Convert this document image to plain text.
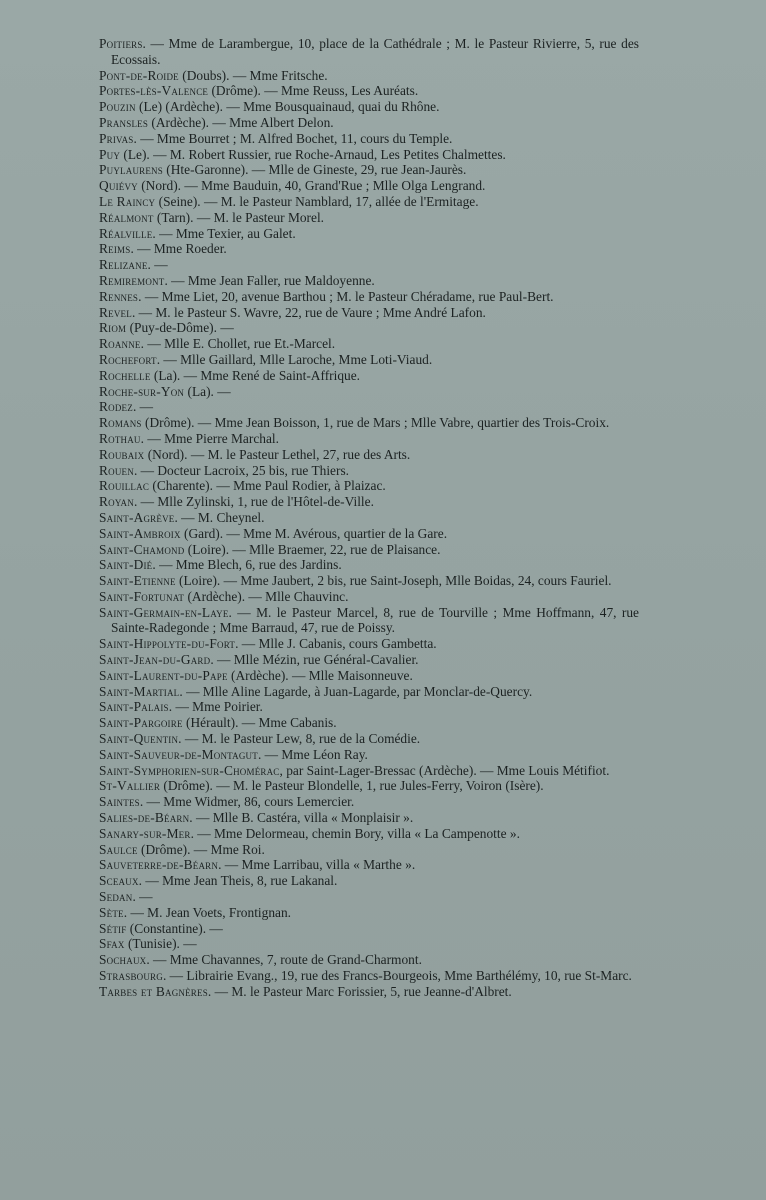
Poitiers. — Mme de Larambergue, 10, place de la Cathédrale ; M. le Pasteur Rivierre, 5, rue des Ecossais.
Pont-de-Roide (Doubs). — Mme Fritsche.
Portes-lès-Valence (Drôme). — Mme Reuss, Les Auréats.
Pouzin (Le) (Ardèche). — Mme Bousquainaud, quai du Rhône.
Pransles (Ardèche). — Mme Albert Delon.
Privas. — Mme Bourret ; M. Alfred Bochet, 11, cours du Temple.
Puy (Le). — M. Robert Russier, rue Roche-Arnaud, Les Petites Chalmettes.
Puylaurens (Hte-Garonne). — Mlle de Gineste, 29, rue Jean-Jaurès.
Quiévy (Nord). — Mme Bauduin, 40, Grand'Rue ; Mlle Olga Lengrand.
Le Raincy (Seine). — M. le Pasteur Namblard, 17, allée de l'Ermitage.
Réalmont (Tarn). — M. le Pasteur Morel.
Réalville. — Mme Texier, au Galet.
Reims. — Mme Roeder.
Relizane. —
Remiremont. — Mme Jean Faller, rue Maldoyenne.
Rennes. — Mme Liet, 20, avenue Barthou ; M. le Pasteur Chéradame, rue Paul-Bert.
Revel. — M. le Pasteur S. Wavre, 22, rue de Vaure ; Mme André Lafon.
Riom (Puy-de-Dôme). —
Roanne. — Mlle E. Chollet, rue Et.-Marcel.
Rochefort. — Mlle Gaillard, Mlle Laroche, Mme Loti-Viaud.
Rochelle (La). — Mme René de Saint-Affrique.
Roche-sur-Yon (La). —
Rodez. —
Romans (Drôme). — Mme Jean Boisson, 1, rue de Mars ; Mlle Vabre, quartier des Trois-Croix.
Rothau. — Mme Pierre Marchal.
Roubaix (Nord). — M. le Pasteur Lethel, 27, rue des Arts.
Rouen. — Docteur Lacroix, 25 bis, rue Thiers.
Rouillac (Charente). — Mme Paul Rodier, à Plaizac.
Royan. — Mlle Zylinski, 1, rue de l'Hôtel-de-Ville.
Saint-Agrève. — M. Cheynel.
Saint-Ambroix (Gard). — Mme M. Avérous, quartier de la Gare.
Saint-Chamond (Loire). — Mlle Braemer, 22, rue de Plaisance.
Saint-Dié. — Mme Blech, 6, rue des Jardins.
Saint-Etienne (Loire). — Mme Jaubert, 2 bis, rue Saint-Joseph, Mlle Boidas, 24, cours Fauriel.
Saint-Fortunat (Ardèche). — Mlle Chauvinc.
Saint-Germain-en-Laye. — M. le Pasteur Marcel, 8, rue de Tourville ; Mme Hoffmann, 47, rue Sainte-Radegonde ; Mme Barraud, 47, rue de Poissy.
Saint-Hippolyte-du-Fort. — Mlle J. Cabanis, cours Gambetta.
Saint-Jean-du-Gard. — Mlle Mézin, rue Général-Cavalier.
Saint-Laurent-du-Pape (Ardèche). — Mlle Maisonneuve.
Saint-Martial. — Mlle Aline Lagarde, à Juan-Lagarde, par Monclar-de-Quercy.
Saint-Palais. — Mme Poirier.
Saint-Pargoire (Hérault). — Mme Cabanis.
Saint-Quentin. — M. le Pasteur Lew, 8, rue de la Comédie.
Saint-Sauveur-de-Montagut. — Mme Léon Ray.
Saint-Symphorien-sur-Chomérac, par Saint-Lager-Bressac (Ardèche). — Mme Louis Métifiot.
St-Vallier (Drôme). — M. le Pasteur Blondelle, 1, rue Jules-Ferry, Voiron (Isère).
Saintes. — Mme Widmer, 86, cours Lemercier.
Salies-de-Béarn. — Mlle B. Castéra, villa « Monplaisir ».
Sanary-sur-Mer. — Mme Delormeau, chemin Bory, villa « La Campenotte ».
Saulce (Drôme). — Mme Roi.
Sauveterre-de-Béarn. — Mme Larribau, villa « Marthe ».
Sceaux. — Mme Jean Theis, 8, rue Lakanal.
Sedan. —
Sète. — M. Jean Voets, Frontignan.
Sétif (Constantine). —
Sfax (Tunisie). —
Sochaux. — Mme Chavannes, 7, route de Grand-Charmont.
Strasbourg. — Librairie Evang., 19, rue des Francs-Bourgeois, Mme Barthélémy, 10, rue St-Marc.
Tarbes et Bagnères. — M. le Pasteur Marc Forissier, 5, rue Jeanne-d'Albret.
